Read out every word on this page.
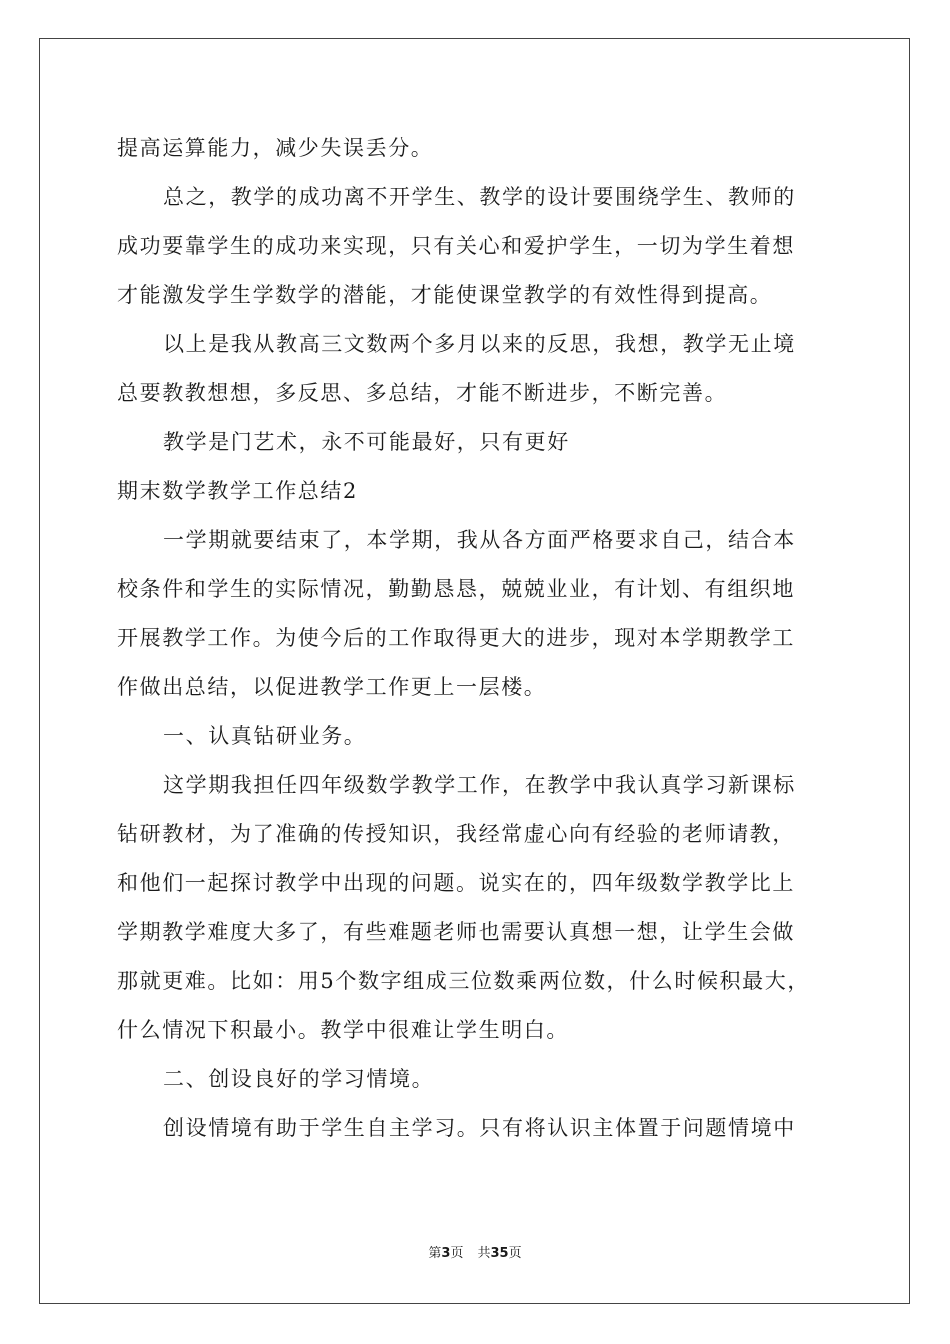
提高运算能力，减少失误丢分。

总之，教学的成功离不开学生、教学的设计要围绕学生、教师的

成功要靠学生的成功来实现，只有关心和爱护学生，一切为学生着想

才能激发学生学数学的潜能，才能使课堂教学的有效性得到提高。

以上是我从教高三文数两个多月以来的反思，我想，教学无止境

总要教教想想，多反思、多总结，才能不断进步，不断完善。

教学是门艺术，永不可能最好，只有更好

期末数学教学工作总结2

一学期就要结束了，本学期，我从各方面严格要求自己，结合本

校条件和学生的实际情况，勤勤恳恳，兢兢业业，有计划、有组织地

开展教学工作。为使今后的工作取得更大的进步，现对本学期教学工

作做出总结，以促进教学工作更上一层楼。

一、认真钻研业务。

这学期我担任四年级数学教学工作，在教学中我认真学习新课标

钻研教材，为了准确的传授知识，我经常虚心向有经验的老师请教，

和他们一起探讨教学中出现的问题。说实在的，四年级数学教学比上

学期教学难度大多了，有些难题老师也需要认真想一想，让学生会做

那就更难。比如：用5个数字组成三位数乘两位数，什么时候积最大，

什么情况下积最小。教学中很难让学生明白。

二、创设良好的学习情境。

创设情境有助于学生自主学习。只有将认识主体置于问题情境中

第3页 共35页
